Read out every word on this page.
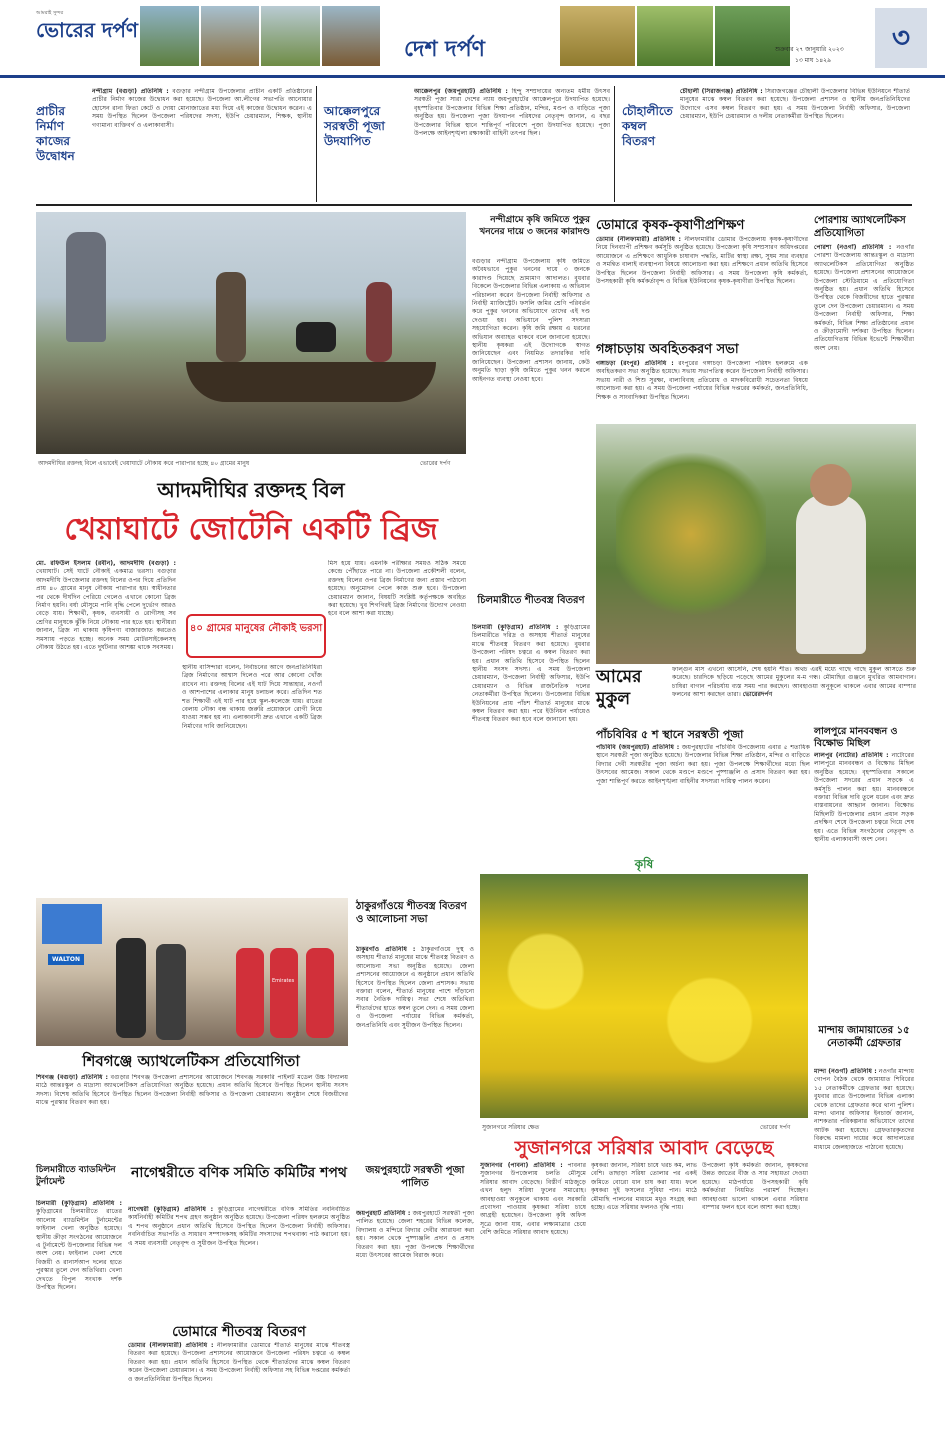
আমরাই সুন্দর
ভোরের দর্পণ
দেশ দর্পণ	শুক্রবার ২৭ জানুয়ারি ২০২৩
১৩ মাঘ ১৪২৯
৩
প্রাচীর নির্মাণ কাজের উদ্বোধন
নন্দীগ্রাম (বগুড়া) প্রতিনিধি : বগুড়ার নন্দীগ্রাম উপজেলার প্রাচীন একটি প্রতিষ্ঠানের প্রাচীর নির্মাণ কাজের উদ্বোধন করা হয়েছে। উপজেলা আ.লীগের সভাপতি আনোয়ার হোসেন রানা ফিতা কেটে ও দোয়া মোনাজাতের মধ্য দিয়ে এই কাজের উদ্বোধন করেন। এ সময় উপস্থিত ছিলেন উপজেলা পরিষদের সদস্য, ইউপি চেয়ারম্যান, শিক্ষক, স্থানীয় গণ্যমান্য ব্যক্তিবর্গ ও এলাকাবাসী।
আক্কেলপুরে সরস্বতী পূজা উদযাপিত
আক্কেলপুর (জয়পুরহাট) প্রতিনিধি : হিন্দু সম্প্রদায়ের অন্যতম ধর্মীয় উৎসব সরস্বতী পূজা সারা দেশের ন্যায় জয়পুরহাটের আক্কেলপুরে উদযাপিত হয়েছে। বৃহস্পতিবার উপজেলার বিভিন্ন শিক্ষা প্রতিষ্ঠান, মন্দির, মণ্ডপ ও বাড়িতে পূজা অনুষ্ঠিত হয়। উপজেলা পূজা উদযাপন পরিষদের নেতৃবৃন্দ জানান, এ বছর উপজেলার বিভিন্ন স্থানে শান্তিপূর্ণ পরিবেশে পূজা উদযাপিত হয়েছে। পূজা উপলক্ষে আইনশৃঙ্খলা রক্ষাকারী বাহিনী তৎপর ছিল।
চৌহালীতে কম্বল বিতরণ
চৌহালী (সিরাজগঞ্জ) প্রতিনিধি : সিরাজগঞ্জের চৌহালী উপজেলার বিভিন্ন ইউনিয়নে শীতার্ত মানুষের মাঝে কম্বল বিতরণ করা হয়েছে। উপজেলা প্রশাসন ও স্থানীয় জনপ্রতিনিধিদের উদ্যোগে এসব কম্বল বিতরণ করা হয়। এ সময় উপজেলা নির্বাহী অফিসার, উপজেলা চেয়ারম্যান, ইউপি চেয়ারম্যান ও দলীয় নেতাকর্মীরা উপস্থিত ছিলেন।
আদমদীঘির রক্তদহ বিলে এভাবেই খেয়াঘাটে নৌকায় করে পারাপার হচ্ছে ৪০ গ্রামের মানুষ	ভোরের দর্পণ
নন্দীগ্রামে কৃষি জমিতে পুকুর খননের দায়ে ৩ জনের কারাদণ্ড
বগুড়ার নন্দীগ্রাম উপজেলায় কৃষি জমিতে অবৈধভাবে পুকুর খননের দায়ে ৩ জনকে কারাদণ্ড দিয়েছে ভ্রাম্যমাণ আদালত। বুধবার বিকেলে উপজেলার বিভিন্ন এলাকায় এ অভিযান পরিচালনা করেন উপজেলা নির্বাহী অফিসার ও নির্বাহী ম্যাজিস্ট্রেট। ফসলি জমির শ্রেণি পরিবর্তন করে পুকুর খননের অভিযোগে তাদের এই দণ্ড দেওয়া হয়। অভিযানে পুলিশ সদস্যরা সহযোগিতা করেন। কৃষি জমি রক্ষায় এ ধরনের অভিযান অব্যাহত থাকবে বলে জানানো হয়েছে। স্থানীয় কৃষকরা এই উদ্যোগকে স্বাগত জানিয়েছেন এবং নিয়মিত তদারকির দাবি জানিয়েছেন। উপজেলা প্রশাসন জানায়, কেউ অনুমতি ছাড়া কৃষি জমিতে পুকুর খনন করলে আইনগত ব্যবস্থা নেওয়া হবে।
ডোমারে কৃষক-কৃষাণীপ্রশিক্ষণ
ডোমার (নীলফামারী) প্রতিনিধি : নীলফামারীর ডোমার উপজেলায় কৃষক-কৃষাণীদের নিয়ে দিনব্যাপী প্রশিক্ষণ কর্মসূচি অনুষ্ঠিত হয়েছে। উপজেলা কৃষি সম্প্রসারণ অধিদপ্তরের আয়োজনে এ প্রশিক্ষণে আধুনিক চাষাবাদ পদ্ধতি, মাটির স্বাস্থ্য রক্ষা, সুষম সার ব্যবহার ও সমন্বিত বালাই ব্যবস্থাপনা বিষয়ে আলোচনা করা হয়। প্রশিক্ষণে প্রধান অতিথি হিসেবে উপস্থিত ছিলেন উপজেলা নির্বাহী অফিসার। এ সময় উপজেলা কৃষি কর্মকর্তা, উপসহকারী কৃষি কর্মকর্তাবৃন্দ ও বিভিন্ন ইউনিয়নের কৃষক-কৃষাণীরা উপস্থিত ছিলেন।
পোরশায় অ্যাথলেটিকস প্রতিযোগিতা
পোরশা (নওগাঁ) প্রতিনিধি : নওগাঁর পোরশা উপজেলায় আন্তঃস্কুল ও মাদ্রাসা অ্যাথলেটিকস প্রতিযোগিতা অনুষ্ঠিত হয়েছে। উপজেলা প্রশাসনের আয়োজনে উপজেলা স্টেডিয়ামে এ প্রতিযোগিতা অনুষ্ঠিত হয়। প্রধান অতিথি হিসেবে উপস্থিত থেকে বিজয়ীদের হাতে পুরস্কার তুলে দেন উপজেলা চেয়ারম্যান। এ সময় উপজেলা নির্বাহী অফিসার, শিক্ষা কর্মকর্তা, বিভিন্ন শিক্ষা প্রতিষ্ঠানের প্রধান ও ক্রীড়ামোদী দর্শকরা উপস্থিত ছিলেন। প্রতিযোগিতায় বিভিন্ন ইভেন্টে শিক্ষার্থীরা অংশ নেয়।
গঙ্গাচড়ায় অবহিতকরণ সভা
গঙ্গাচড়া (রংপুর) প্রতিনিধি : রংপুরের গঙ্গাচড়া উপজেলা পরিষদ হলরুমে এক অবহিতকরণ সভা অনুষ্ঠিত হয়েছে। সভায় সভাপতিত্ব করেন উপজেলা নির্বাহী অফিসার। সভায় নারী ও শিশু সুরক্ষা, বাল্যবিবাহ প্রতিরোধ ও মাদকবিরোধী সচেতনতা বিষয়ে আলোচনা করা হয়। এ সময় উপজেলা পর্যায়ের বিভিন্ন দপ্তরের কর্মকর্তা, জনপ্রতিনিধি, শিক্ষক ও সাংবাদিকরা উপস্থিত ছিলেন।
আমের মুকুল
ফাল্গুন মাস এখনো আসেনি, শেষ হয়নি শীত। অথচ এরই মধ্যে গাছে গাছে মুকুল আসতে শুরু করেছে। চারদিকে ছড়িয়ে পড়েছে আমের মুকুলের ম-ম গন্ধ। মৌমাছির গুঞ্জনে মুখরিত আমবাগান। চাষিরা বাগান পরিচর্যায় ব্যস্ত সময় পার করছেন। আবহাওয়া অনুকূলে থাকলে এবার আমের বাম্পার ফলনের আশা করছেন তারা। ভোরেরদর্পণ
আদমদীঘির রক্তদহ বিল
খেয়াঘাটে জোটেনি একটি ব্রিজ
মো. রফিউল ইসলাম (রবীন), আদমদীঘি (বগুড়া) : খেয়াঘাট। সেই ঘাটে নৌকাই একমাত্র ভরসা। বগুড়ার আদমদীঘি উপজেলার রক্তদহ বিলের ওপর দিয়ে প্রতিদিন প্রায় ৪০ গ্রামের মানুষ নৌকায় পারাপার হয়। স্বাধীনতার পর থেকে দীর্ঘদিন পেরিয়ে গেলেও এখানে কোনো ব্রিজ নির্মাণ হয়নি। বর্ষা মৌসুমে পানি বৃদ্ধি পেলে দুর্ভোগ আরও বেড়ে যায়। শিক্ষার্থী, কৃষক, ব্যবসায়ী ও রোগীসহ সব শ্রেণির মানুষকে ঝুঁকি নিয়ে নৌকায় পার হতে হয়। স্থানীয়রা জানান, ব্রিজ না থাকায় কৃষিপণ্য বাজারজাত করতেও সমস্যায় পড়তে হচ্ছে। অনেক সময় মোটরসাইকেলসহ নৌকায় উঠতে হয়। এতে দুর্ঘটনার আশঙ্কা থাকে সবসময়।
৪০ গ্রামের মানুষের নৌকাই ভরসা
স্থানীয় বাসিন্দারা বলেন, নির্বাচনের আগে জনপ্রতিনিধিরা ব্রিজ নির্মাণের আশ্বাস দিলেও পরে আর কোনো খোঁজ রাখেন না। রক্তদহ বিলের এই ঘাট দিয়ে সান্তাহার, নওগাঁ ও আশপাশের এলাকার মানুষ চলাচল করে। প্রতিদিন শত শত শিক্ষার্থী এই ঘাট পার হয়ে স্কুল-কলেজে যায়। রাতের বেলায় নৌকা বন্ধ থাকায় জরুরি প্রয়োজনে রোগী নিয়ে যাওয়া সম্ভব হয় না। এলাকাবাসী দ্রুত এখানে একটি ব্রিজ নির্মাণের দাবি জানিয়েছেন।
মিস হয়ে যায়। এমনকি পরীক্ষার সময়ও সঠিক সময়ে কেন্দ্রে পৌঁছাতে পারে না। উপজেলা প্রকৌশলী বলেন, রক্তদহ বিলের ওপর ব্রিজ নির্মাণের জন্য প্রস্তাব পাঠানো হয়েছে। অনুমোদন পেলে কাজ শুরু হবে। উপজেলা চেয়ারম্যান জানান, বিষয়টি সংশ্লিষ্ট কর্তৃপক্ষকে অবহিত করা হয়েছে। খুব শিগগিরই ব্রিজ নির্মাণের উদ্যোগ নেওয়া হবে বলে আশা করা যাচ্ছে।
চিলমারীতে শীতবস্ত্র বিতরণ
চিলমারী (কুড়িগ্রাম) প্রতিনিধি : কুড়িগ্রামের চিলমারীতে দরিদ্র ও অসহায় শীতার্ত মানুষের মাঝে শীতবস্ত্র বিতরণ করা হয়েছে। বুধবার উপজেলা পরিষদ চত্বরে এ কম্বল বিতরণ করা হয়। প্রধান অতিথি হিসেবে উপস্থিত ছিলেন স্থানীয় সংসদ সদস্য। এ সময় উপজেলা চেয়ারম্যান, উপজেলা নির্বাহী অফিসার, ইউপি চেয়ারম্যান ও বিভিন্ন রাজনৈতিক দলের নেতাকর্মীরা উপস্থিত ছিলেন। উপজেলার বিভিন্ন ইউনিয়নের প্রায় পাঁচশ শীতার্ত মানুষের মাঝে কম্বল বিতরণ করা হয়। পরে ইউনিয়ন পর্যায়েও শীতবস্ত্র বিতরণ করা হবে বলে জানানো হয়।
পাঁচবিবির ৫ শ স্থানে সরস্বতী পূজা
পাঁচবিবি (জয়পুরহাট) প্রতিনিধি : জয়পুরহাটের পাঁচবিবি উপজেলায় এবার ৫ শতাধিক স্থানে সরস্বতী পূজা অনুষ্ঠিত হয়েছে। উপজেলার বিভিন্ন শিক্ষা প্রতিষ্ঠান, মন্দির ও বাড়িতে বিদ্যার দেবী সরস্বতীর পূজা অর্চনা করা হয়। পূজা উপলক্ষে শিক্ষার্থীদের মধ্যে ছিল উৎসবের আমেজ। সকাল থেকে মণ্ডপে মণ্ডপে পুষ্পাঞ্জলি ও প্রসাদ বিতরণ করা হয়। পূজা শান্তিপূর্ণ করতে আইনশৃঙ্খলা বাহিনীর সদস্যরা দায়িত্ব পালন করেন।
লালপুরে মানববন্ধন ও বিক্ষোভ মিছিল
লালপুর (নাটোর) প্রতিনিধি : নাটোরের লালপুরে মানববন্ধন ও বিক্ষোভ মিছিল অনুষ্ঠিত হয়েছে। বৃহস্পতিবার সকালে উপজেলা সদরের প্রধান সড়কে এ কর্মসূচি পালন করা হয়। মানববন্ধনে বক্তারা বিভিন্ন দাবি তুলে ধরেন এবং দ্রুত বাস্তবায়নের আহ্বান জানান। বিক্ষোভ মিছিলটি উপজেলার প্রধান প্রধান সড়ক প্রদক্ষিণ শেষে উপজেলা চত্বরে গিয়ে শেষ হয়। এতে বিভিন্ন সংগঠনের নেতৃবৃন্দ ও স্থানীয় এলাকাবাসী অংশ নেন।
WALTON
Emirates
শিবগঞ্জে অ্যাথলেটিকস প্রতিযোগিতা
শিবগঞ্জ (বগুড়া) প্রতিনিধি : বগুড়ার শিবগঞ্জ উপজেলা প্রশাসনের আয়োজনে শিবগঞ্জ সরকারি পাইলট মডেল উচ্চ বিদ্যালয় মাঠে আন্তঃস্কুল ও মাদ্রাসা অ্যাথলেটিকস প্রতিযোগিতা অনুষ্ঠিত হয়েছে। প্রধান অতিথি হিসেবে উপস্থিত ছিলেন স্থানীয় সংসদ সদস্য। বিশেষ অতিথি হিসেবে উপস্থিত ছিলেন উপজেলা নির্বাহী অফিসার ও উপজেলা চেয়ারম্যান। অনুষ্ঠান শেষে বিজয়ীদের মাঝে পুরস্কার বিতরণ করা হয়।
ঠাকুরগাঁওয়ে শীতবস্ত্র বিতরণ ও আলোচনা সভা
ঠাকুরগাঁও প্রতিনিধি : ঠাকুরগাঁওয়ে দুস্থ ও অসহায় শীতার্ত মানুষের মাঝে শীতবস্ত্র বিতরণ ও আলোচনা সভা অনুষ্ঠিত হয়েছে। জেলা প্রশাসনের আয়োজনে এ অনুষ্ঠানে প্রধান অতিথি হিসেবে উপস্থিত ছিলেন জেলা প্রশাসক। সভায় বক্তারা বলেন, শীতার্ত মানুষের পাশে দাঁড়ানো সবার নৈতিক দায়িত্ব। সভা শেষে অতিথিরা শীতার্তদের হাতে কম্বল তুলে দেন। এ সময় জেলা ও উপজেলা পর্যায়ের বিভিন্ন কর্মকর্তা, জনপ্রতিনিধি এবং সুধীজন উপস্থিত ছিলেন।
কৃষি
সুজানগরে সরিষার ক্ষেত	ভোরের দর্পণ
মান্দায় জামায়াতের ১৫ নেতাকর্মী গ্রেফতার
মান্দা (নওগাঁ) প্রতিনিধি : নওগাঁর মান্দায় গোপন বৈঠক থেকে জামায়াত শিবিরের ১৫ নেতাকর্মীকে গ্রেফতার করা হয়েছে। বুধবার রাতে উপজেলার বিভিন্ন এলাকা থেকে তাদের গ্রেফতার করে থানা পুলিশ। মান্দা থানার অফিসার ইনচার্জ জানান, নাশকতার পরিকল্পনার অভিযোগে তাদের আটক করা হয়েছে। গ্রেফতারকৃতদের বিরুদ্ধে মামলা দায়ের করে আদালতের মাধ্যমে জেলহাজতে পাঠানো হয়েছে।
চিলমারীতে ব্যাডমিন্টন টুর্নামেন্ট
চিলমারী (কুড়িগ্রাম) প্রতিনিধি : কুড়িগ্রামের চিলমারীতে রাতের আলোয় ব্যাডমিন্টন টুর্নামেন্টের ফাইনাল খেলা অনুষ্ঠিত হয়েছে। স্থানীয় ক্রীড়া সংগঠনের আয়োজনে এ টুর্নামেন্টে উপজেলার বিভিন্ন দল অংশ নেয়। ফাইনাল খেলা শেষে বিজয়ী ও রানার্সআপ দলের হাতে পুরস্কার তুলে দেন অতিথিরা। খেলা দেখতে বিপুল সংখ্যক দর্শক উপস্থিত ছিলেন।
নাগেশ্বরীতে বণিক সমিতি কমিটির শপথ
নাগেশ্বরী (কুড়িগ্রাম) প্রতিনিধি : কুড়িগ্রামের নাগেশ্বরীতে বণিক সমিতির নবনির্বাচিত কার্যনির্বাহী কমিটির শপথ গ্রহণ অনুষ্ঠান অনুষ্ঠিত হয়েছে। উপজেলা পরিষদ হলরুমে অনুষ্ঠিত এ শপথ অনুষ্ঠানে প্রধান অতিথি হিসেবে উপস্থিত ছিলেন উপজেলা নির্বাহী অফিসার। নবনির্বাচিত সভাপতি ও সাধারণ সম্পাদকসহ কমিটির সদস্যদের শপথবাক্য পাঠ করানো হয়। এ সময় ব্যবসায়ী নেতৃবৃন্দ ও সুধীজন উপস্থিত ছিলেন।
ডোমারে শীতবস্ত্র বিতরণ
ডোমার (নীলফামারী) প্রতিনিধি : নীলফামারীর ডোমারে শীতার্ত মানুষের মাঝে শীতবস্ত্র বিতরণ করা হয়েছে। উপজেলা প্রশাসনের আয়োজনে উপজেলা পরিষদ চত্বরে এ কম্বল বিতরণ করা হয়। প্রধান অতিথি হিসেবে উপস্থিত থেকে শীতার্তদের মাঝে কম্বল বিতরণ করেন উপজেলা চেয়ারম্যান। এ সময় উপজেলা নির্বাহী অফিসার সহ বিভিন্ন দপ্তরের কর্মকর্তা ও জনপ্রতিনিধিরা উপস্থিত ছিলেন।
জয়পুরহাটে সরস্বতী পূজা পালিত
জয়পুরহাট প্রতিনিধি : জয়পুরহাটে সরস্বতী পূজা পালিত হয়েছে। জেলা শহরের বিভিন্ন কলেজ, বিদ্যালয় ও মন্দিরে বিদ্যার দেবীর আরাধনা করা হয়। সকাল থেকে পুষ্পাঞ্জলি প্রদান ও প্রসাদ বিতরণ করা হয়। পূজা উপলক্ষে শিক্ষার্থীদের মধ্যে উৎসবের আমেজ বিরাজ করে।
সুজানগরে সরিষার আবাদ বেড়েছে
সুজানগর (পাবনা) প্রতিনিধি : পাবনার সুজানগর উপজেলায় চলতি মৌসুমে সরিষার আবাদ বেড়েছে। বিস্তীর্ণ মাঠজুড়ে এখন হলুদ সরিষা ফুলের সমারোহ। আবহাওয়া অনুকূলে থাকায় এবং সরকারি প্রণোদনা পাওয়ায় কৃষকরা সরিষা চাষে আগ্রহী হয়েছেন। উপজেলা কৃষি অফিস সূত্রে জানা যায়, এবার লক্ষ্যমাত্রার চেয়ে বেশি জমিতে সরিষার আবাদ হয়েছে।
কৃষকরা জানান, সরিষা চাষে খরচ কম, লাভ বেশি। তাছাড়া সরিষা তোলার পর একই জমিতে বোরো ধান চাষ করা যায়। ফলে কৃষকরা দুই ফসলের সুবিধা পান। মাঠে মৌমাছি পালনের মাধ্যমে মধুও সংগ্রহ করা হচ্ছে। এতে সরিষার ফলনও বৃদ্ধি পায়।
উপজেলা কৃষি কর্মকর্তা জানান, কৃষকদের উন্নত জাতের বীজ ও সার সহায়তা দেওয়া হয়েছে। মাঠপর্যায়ে উপসহকারী কৃষি কর্মকর্তারা নিয়মিত পরামর্শ দিচ্ছেন। আবহাওয়া ভালো থাকলে এবার সরিষার বাম্পার ফলন হবে বলে আশা করা হচ্ছে।
